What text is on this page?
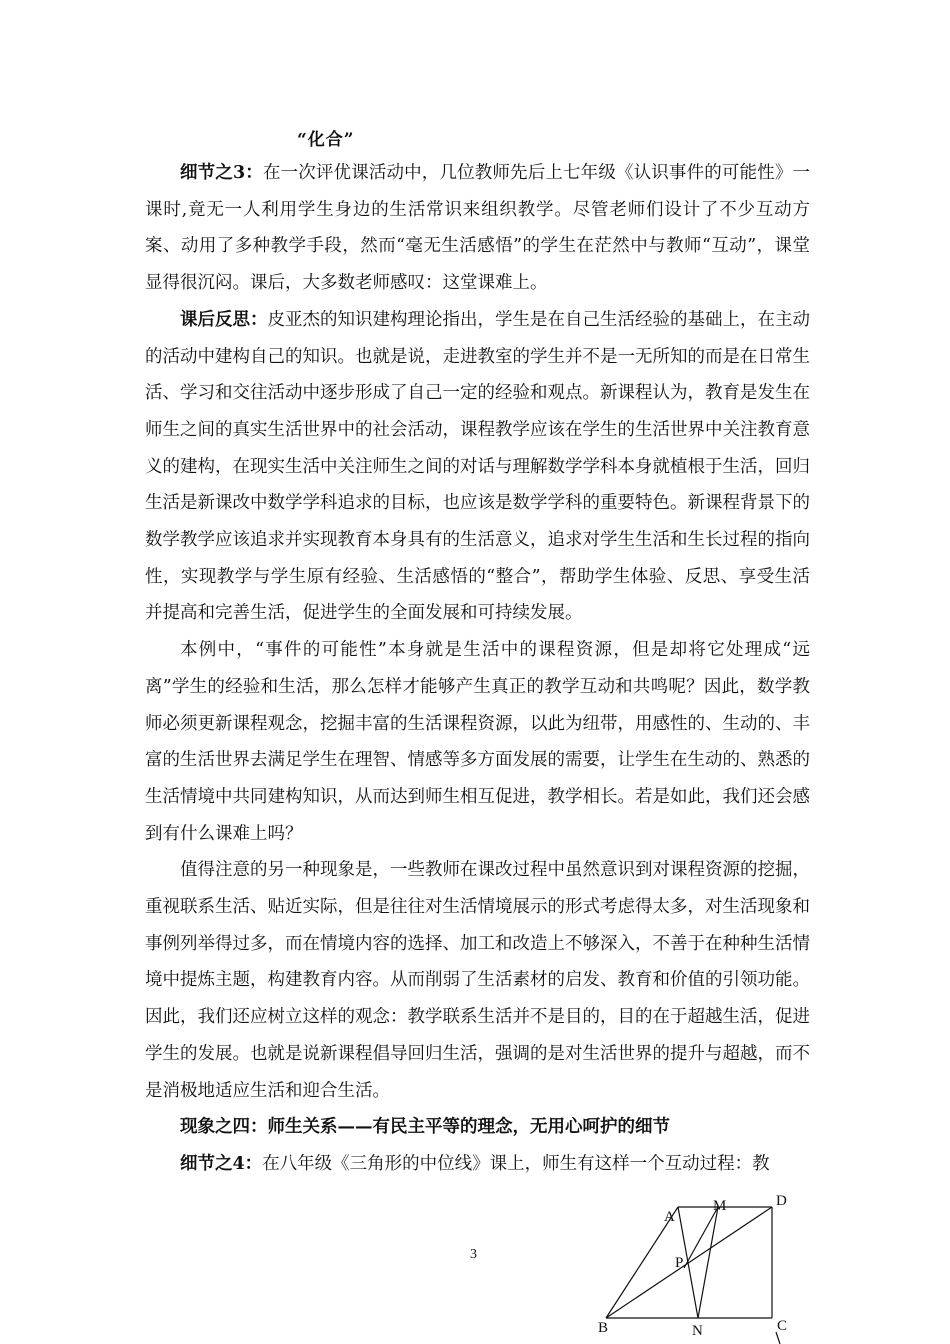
“化合”

细节之3：在一次评优课活动中，几位教师先后上七年级《认识事件的可能性》一课时,竟无一人利用学生身边的生活常识来组织教学。尽管老师们设计了不少互动方案、动用了多种教学手段，然而“毫无生活感悟”的学生在茫然中与教师“互动”，课堂显得很沉闷。课后，大多数老师感叹：这堂课难上。

课后反思：皮亚杰的知识建构理论指出，学生是在自己生活经验的基础上，在主动的活动中建构自己的知识。也就是说，走进教室的学生并不是一无所知的而是在日常生活、学习和交往活动中逐步形成了自己一定的经验和观点。新课程认为，教育是发生在师生之间的真实生活世界中的社会活动，课程教学应该在学生的生活世界中关注教育意义的建构，在现实生活中关注师生之间的对话与理解数学学科本身就植根于生活，回归生活是新课改中数学学科追求的目标，也应该是数学学科的重要特色。新课程背景下的数学教学应该追求并实现教育本身具有的生活意义，追求对学生生活和生长过程的指向性，实现教学与学生原有经验、生活感悟的“整合”，帮助学生体验、反思、享受生活并提高和完善生活，促进学生的全面发展和可持续发展。

本例中，“事件的可能性”本身就是生活中的课程资源，但是却将它处理成“远离”学生的经验和生活，那么怎样才能够产生真正的教学互动和共鸣呢？因此，数学教师必须更新课程观念，挖掘丰富的生活课程资源，以此为纽带，用感性的、生动的、丰富的生活世界去满足学生在理智、情感等多方面发展的需要，让学生在生动的、熟悉的生活情境中共同建构知识，从而达到师生相互促进，教学相长。若是如此，我们还会感到有什么课难上吗？

值得注意的另一种现象是，一些教师在课改过程中虽然意识到对课程资源的挖掘，重视联系生活、贴近实际，但是往往对生活情境展示的形式考虑得太多，对生活现象和事例列举得过多，而在情境内容的选择、加工和改造上不够深入，不善于在种种生活情境中提炼主题，构建教育内容。从而削弱了生活素材的启发、教育和价值的引领功能。因此，我们还应树立这样的观念：教学联系生活并不是目的，目的在于超越生活，促进学生的发展。也就是说新课程倡导回归生活，强调的是对生活世界的提升与超越，而不是消极地适应生活和迎合生活。

现象之四：师生关系——有民主平等的理念，无用心呵护的细节

细节之4：在八年级《三角形的中位线》课上，师生有这样一个互动过程：教

3
A
M	D
P
B	N	C
